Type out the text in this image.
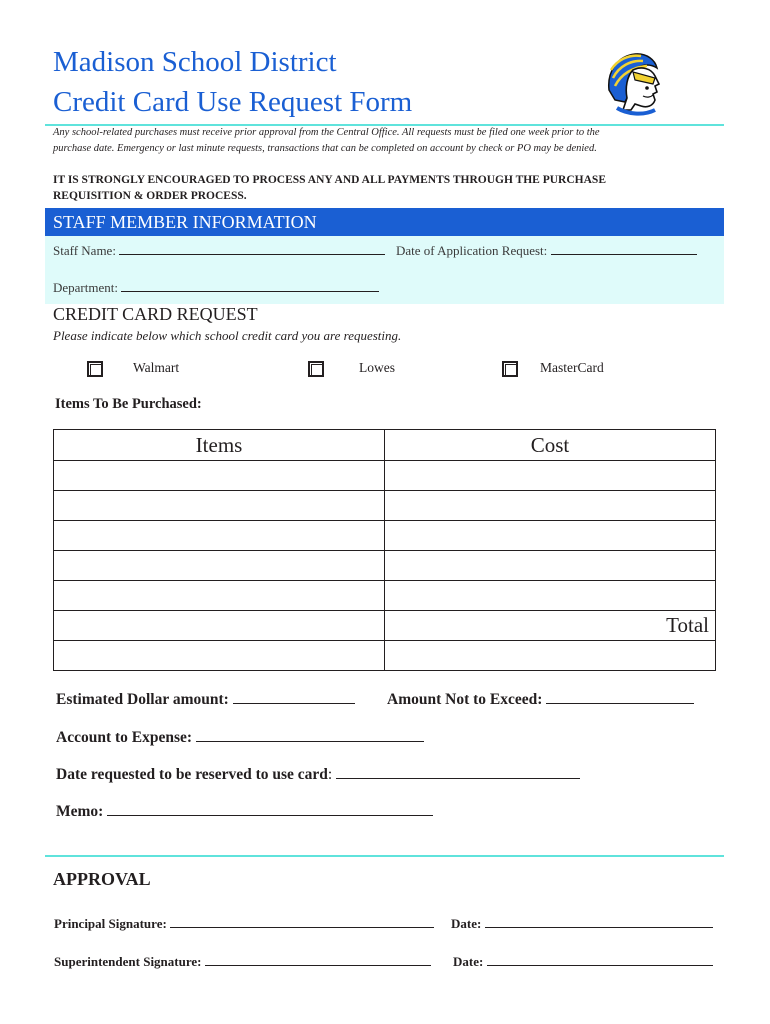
Madison School District
Credit Card Use Request Form
Any school-related purchases must receive prior approval from the Central Office. All requests must be filed one week prior to the
purchase date. Emergency or last minute requests, transactions that can be completed on account by check or PO may be denied.
IT IS STRONGLY ENCOURAGED TO PROCESS ANY AND ALL PAYMENTS THROUGH THE PURCHASE
REQUISITION & ORDER PROCESS.
STAFF MEMBER INFORMATION
Staff Name:	Date of Application Request:
Department:
CREDIT CARD REQUEST
Please indicate below which school credit card you are requesting.
Walmart	Lowes	MasterCard
Items To Be Purchased:
Items	Cost

	Total

Estimated Dollar amount:	Amount Not to Exceed:
Account to Expense:
Date requested to be reserved to use card:
Memo:
APPROVAL
Principal Signature:	Date:
Superintendent Signature:	Date:
